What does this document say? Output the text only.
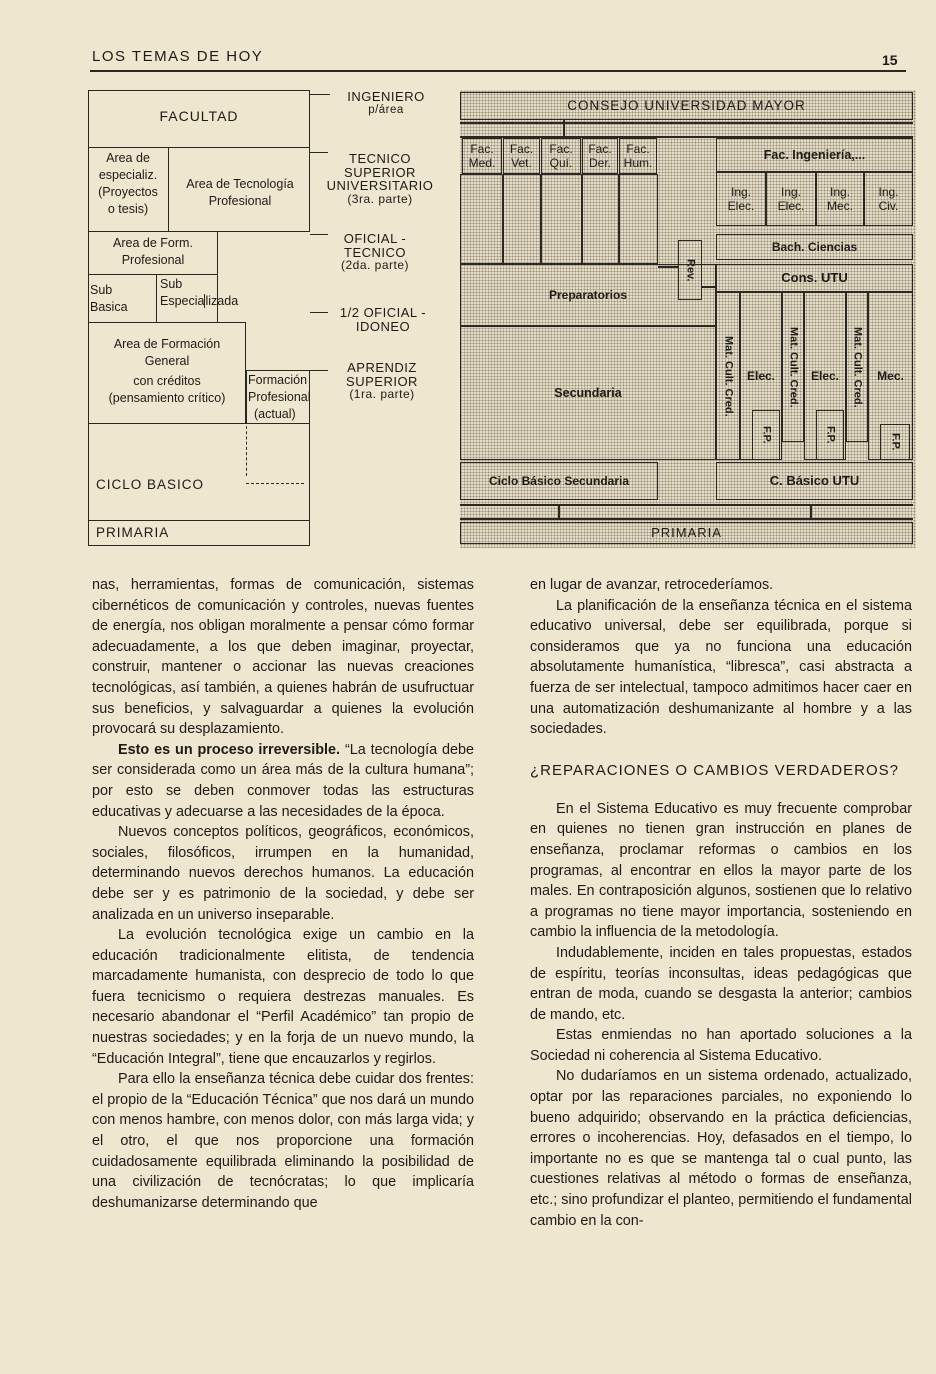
LOS TEMAS DE HOY	15
FACULTAD
Area de
especializ.
(Proyectos
o tesis)
Area de Tecnología
Profesional
Area de Form.
Profesional
Sub
Basica
Sub
Especializada
Area de Formación
General
con créditos
(pensamiento crítico)
Formación
Profesional
(actual)
CICLO BASICO
PRIMARIA
INGENIERO
p/área
TECNICO
SUPERIOR
UNIVERSITARIO
(3ra. parte)
OFICIAL -
TECNICO
(2da. parte)
1/2 OFICIAL -
IDONEO
APRENDIZ
SUPERIOR
(1ra. parte)
CONSEJO UNIVERSIDAD MAYOR
Fac.
Med.
Fac.
Vet.
Fac.
Quí.
Fac.
Der.
Fac.
Hum.
Fac. Ingeniería,...
Ing.
Elec.
Ing.
Elec.
Ing.
Mec.
Ing.
Civ.
Bach. Ciencias
Cons. UTU
Rev.
Preparatorios
Secundaria	Mat. Cult. Cred.	Elec.	Mat. Cult. Cred. Elec.	Mat. Cult. Cred.	Mec.
F.P.	F.P.	F.P.
Ciclo Básico Secundaria	C. Básico UTU
PRIMARIA

nas, herramientas, formas de comunicación, sistemas cibernéticos de comunicación y controles, nuevas fuentes de energía, nos obligan moralmente a pensar cómo formar adecuadamente, a los que deben imaginar, proyectar, construir, mantener o accionar las nuevas creaciones tecnológicas, así también, a quienes habrán de usufructuar sus beneficios, y salvaguardar a quienes la evolución provocará su desplazamiento.

Esto es un proceso irreversible. “La tecnología debe ser considerada como un área más de la cultura humana”; por esto se deben conmover todas las estructuras educativas y adecuarse a las necesidades de la época.

Nuevos conceptos políticos, geográficos, económicos, sociales, filosóficos, irrumpen en la humanidad, determinando nuevos derechos humanos. La educación debe ser y es patrimonio de la sociedad, y debe ser analizada en un universo inseparable.

La evolución tecnológica exige un cambio en la educación tradicionalmente elitista, de tendencia marcadamente humanista, con desprecio de todo lo que fuera tecnicismo o requiera destrezas manuales. Es necesario abandonar el “Perfil Académico” tan propio de nuestras sociedades; y en la forja de un nuevo mundo, la “Educación Integral”, tiene que encauzarlos y regirlos.

Para ello la enseñanza técnica debe cuidar dos frentes: el propio de la “Educación Técnica” que nos dará un mundo con menos hambre, con menos dolor, con más larga vida; y el otro, el que nos proporcione una formación cuidadosamente equilibrada eliminando la posibilidad de una civilización de tecnócratas; lo que implicaría deshumanizarse determinando que

en lugar de avanzar, retrocederíamos.

La planificación de la enseñanza técnica en el sistema educativo universal, debe ser equilibrada, porque si consideramos que ya no funciona una educación absolutamente humanística, “libresca”, casi abstracta a fuerza de ser intelectual, tampoco admitimos hacer caer en una automatización deshumanizante al hombre y a las sociedades.

¿REPARACIONES O CAMBIOS VERDADEROS?

En el Sistema Educativo es muy frecuente comprobar en quienes no tienen gran instrucción en planes de enseñanza, proclamar reformas o cambios en los programas, al encontrar en ellos la mayor parte de los males. En contraposición algunos, sostienen que lo relativo a programas no tiene mayor importancia, sosteniendo en cambio la influencia de la metodología.

Indudablemente, inciden en tales propuestas, estados de espíritu, teorías inconsultas, ideas pedagógicas que entran de moda, cuando se desgasta la anterior; cambios de mando, etc.

Estas enmiendas no han aportado soluciones a la Sociedad ni coherencia al Sistema Educativo.

No dudaríamos en un sistema ordenado, actualizado, optar por las reparaciones parciales, no exponiendo lo bueno adquirido; observando en la práctica deficiencias, errores o incoherencias. Hoy, defasados en el tiempo, lo importante no es que se mantenga tal o cual punto, las cuestiones relativas al método o formas de enseñanza, etc.; sino profundizar el planteo, permitiendo el fundamental cambio en la con-
